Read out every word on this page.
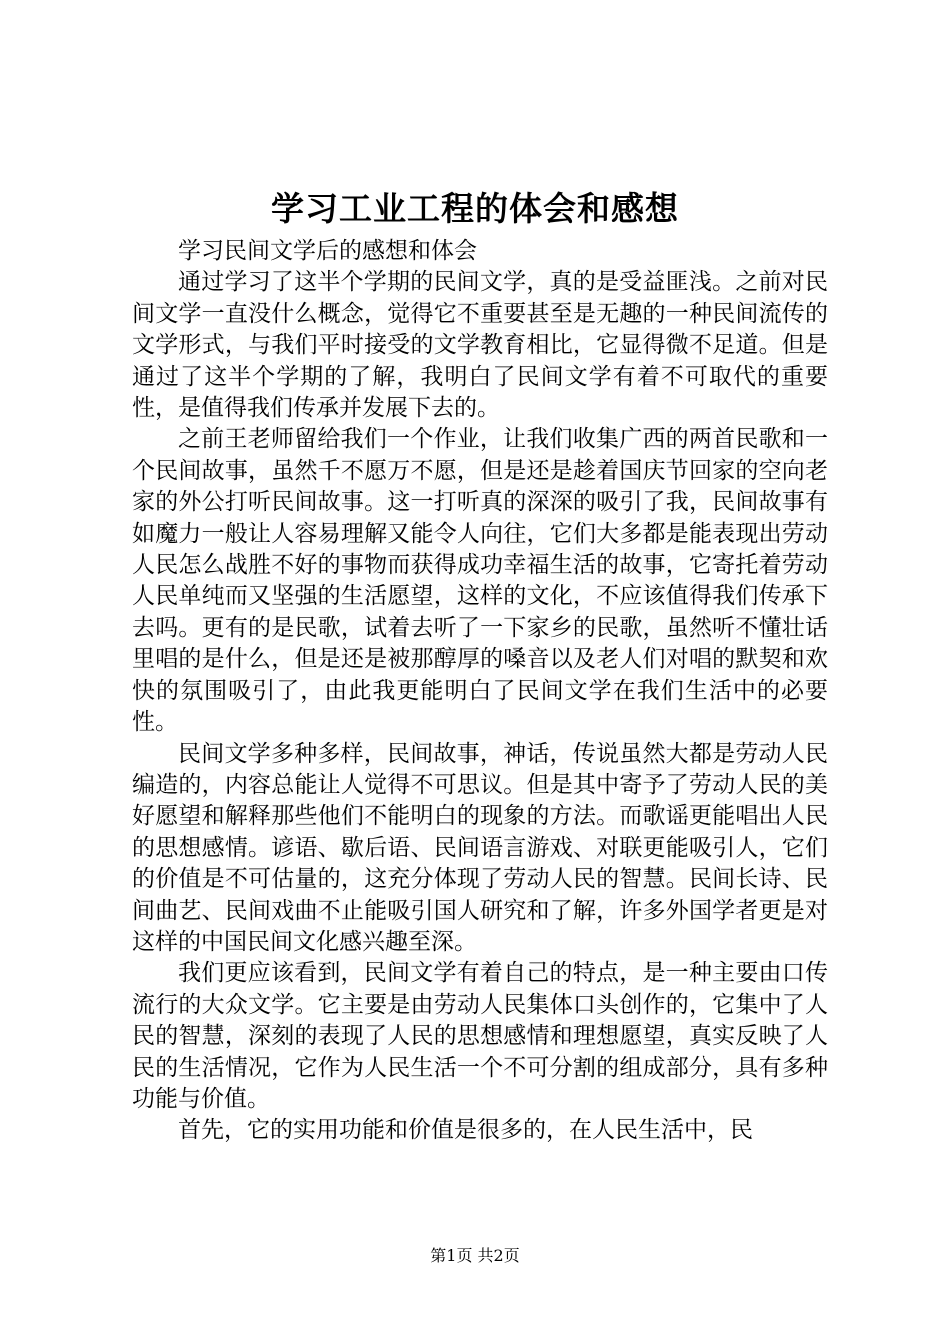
学习工业工程的体会和感想

学习民间文学后的感想和体会

通过学习了这半个学期的民间文学，真的是受益匪浅。之前对民间文学一直没什么概念，觉得它不重要甚至是无趣的一种民间流传的文学形式，与我们平时接受的文学教育相比，它显得微不足道。但是通过了这半个学期的了解，我明白了民间文学有着不可取代的重要性，是值得我们传承并发展下去的。

之前王老师留给我们一个作业，让我们收集广西的两首民歌和一个民间故事，虽然千不愿万不愿，但是还是趁着国庆节回家的空向老家的外公打听民间故事。这一打听真的深深的吸引了我，民间故事有如魔力一般让人容易理解又能令人向往，它们大多都是能表现出劳动人民怎么战胜不好的事物而获得成功幸福生活的故事，它寄托着劳动人民单纯而又坚强的生活愿望，这样的文化，不应该值得我们传承下去吗。更有的是民歌，试着去听了一下家乡的民歌，虽然听不懂壮话里唱的是什么，但是还是被那醇厚的嗓音以及老人们对唱的默契和欢快的氛围吸引了，由此我更能明白了民间文学在我们生活中的必要性。

民间文学多种多样，民间故事，神话，传说虽然大都是劳动人民编造的，内容总能让人觉得不可思议。但是其中寄予了劳动人民的美好愿望和解释那些他们不能明白的现象的方法。而歌谣更能唱出人民的思想感情。谚语、歇后语、民间语言游戏、对联更能吸引人，它们的价值是不可估量的，这充分体现了劳动人民的智慧。民间长诗、民间曲艺、民间戏曲不止能吸引国人研究和了解，许多外国学者更是对这样的中国民间文化感兴趣至深。

我们更应该看到，民间文学有着自己的特点，是一种主要由口传流行的大众文学。它主要是由劳动人民集体口头创作的，它集中了人民的智慧，深刻的表现了人民的思想感情和理想愿望，真实反映了人民的生活情况，它作为人民生活一个不可分割的组成部分，具有多种功能与价值。

首先，它的实用功能和价值是很多的，在人民生活中，民

第1页 共2页
